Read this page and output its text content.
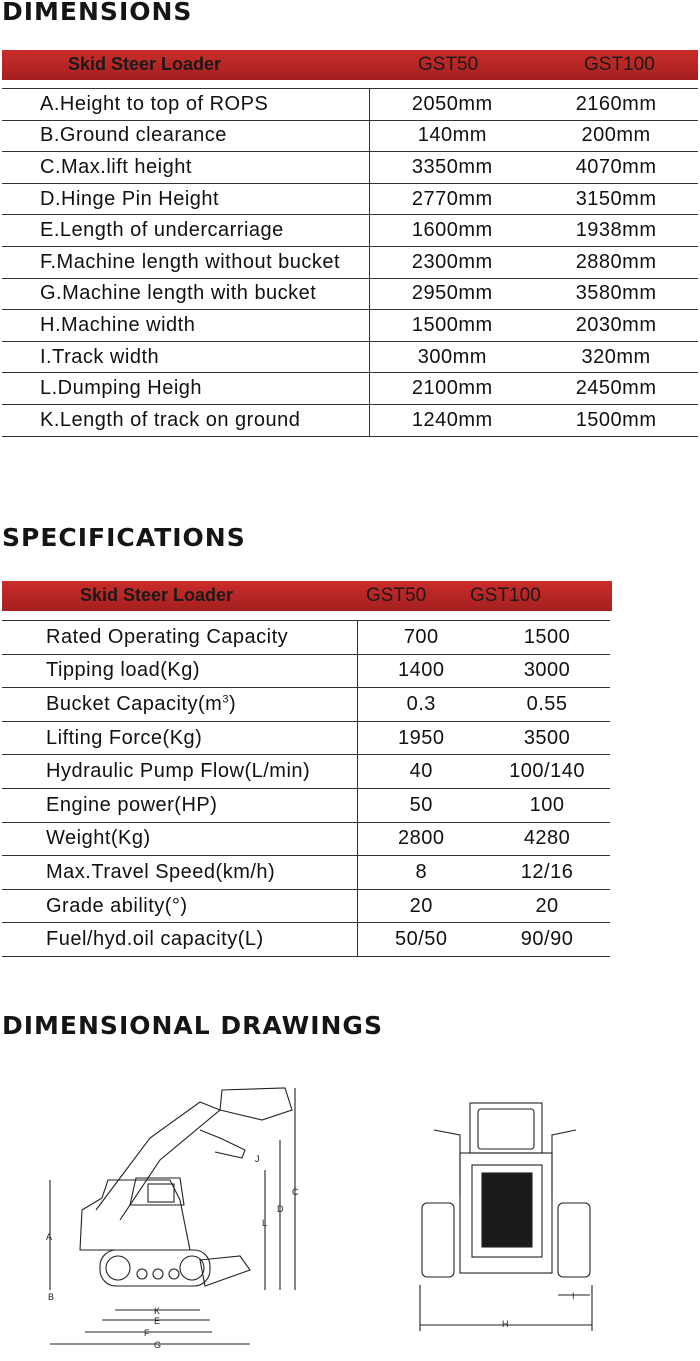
DIMENSIONS
Skid Steer Loader	GST50	GST100
A.Height to top of ROPS	2050mm	2160mm
B.Ground clearance	140mm	200mm
C.Max.lift height	3350mm	4070mm
D.Hinge Pin Height	2770mm	3150mm
E.Length of undercarriage	1600mm	1938mm
F.Machine length without bucket	2300mm	2880mm
G.Machine length with bucket	2950mm	3580mm
H.Machine width	1500mm	2030mm
I.Track width	300mm	320mm
L.Dumping Heigh	2100mm	2450mm
K.Length of track on ground	1240mm	1500mm
SPECIFICATIONS
Skid Steer Loader	GST50 GST100
Rated Operating Capacity	700	1500
Tipping load(Kg)	1400	3000
Bucket $Capacity(m^3)$	0.3	0.55
Lifting Force(Kg)	1950	3500
Hydraulic Pump Flow(L/min)	40	100/140
Engine power(HP)	50	100
Weight(Kg)	2800	4280
Max.Travel Speed(km/h)	8	12/16
Grade ability(°)	20	20
Fuel/hyd.oil capacity(L)	50/50	90/90
DIMENSIONAL DRAWINGS
A
B
C
D
L
J
K
E
F
G
H
I
